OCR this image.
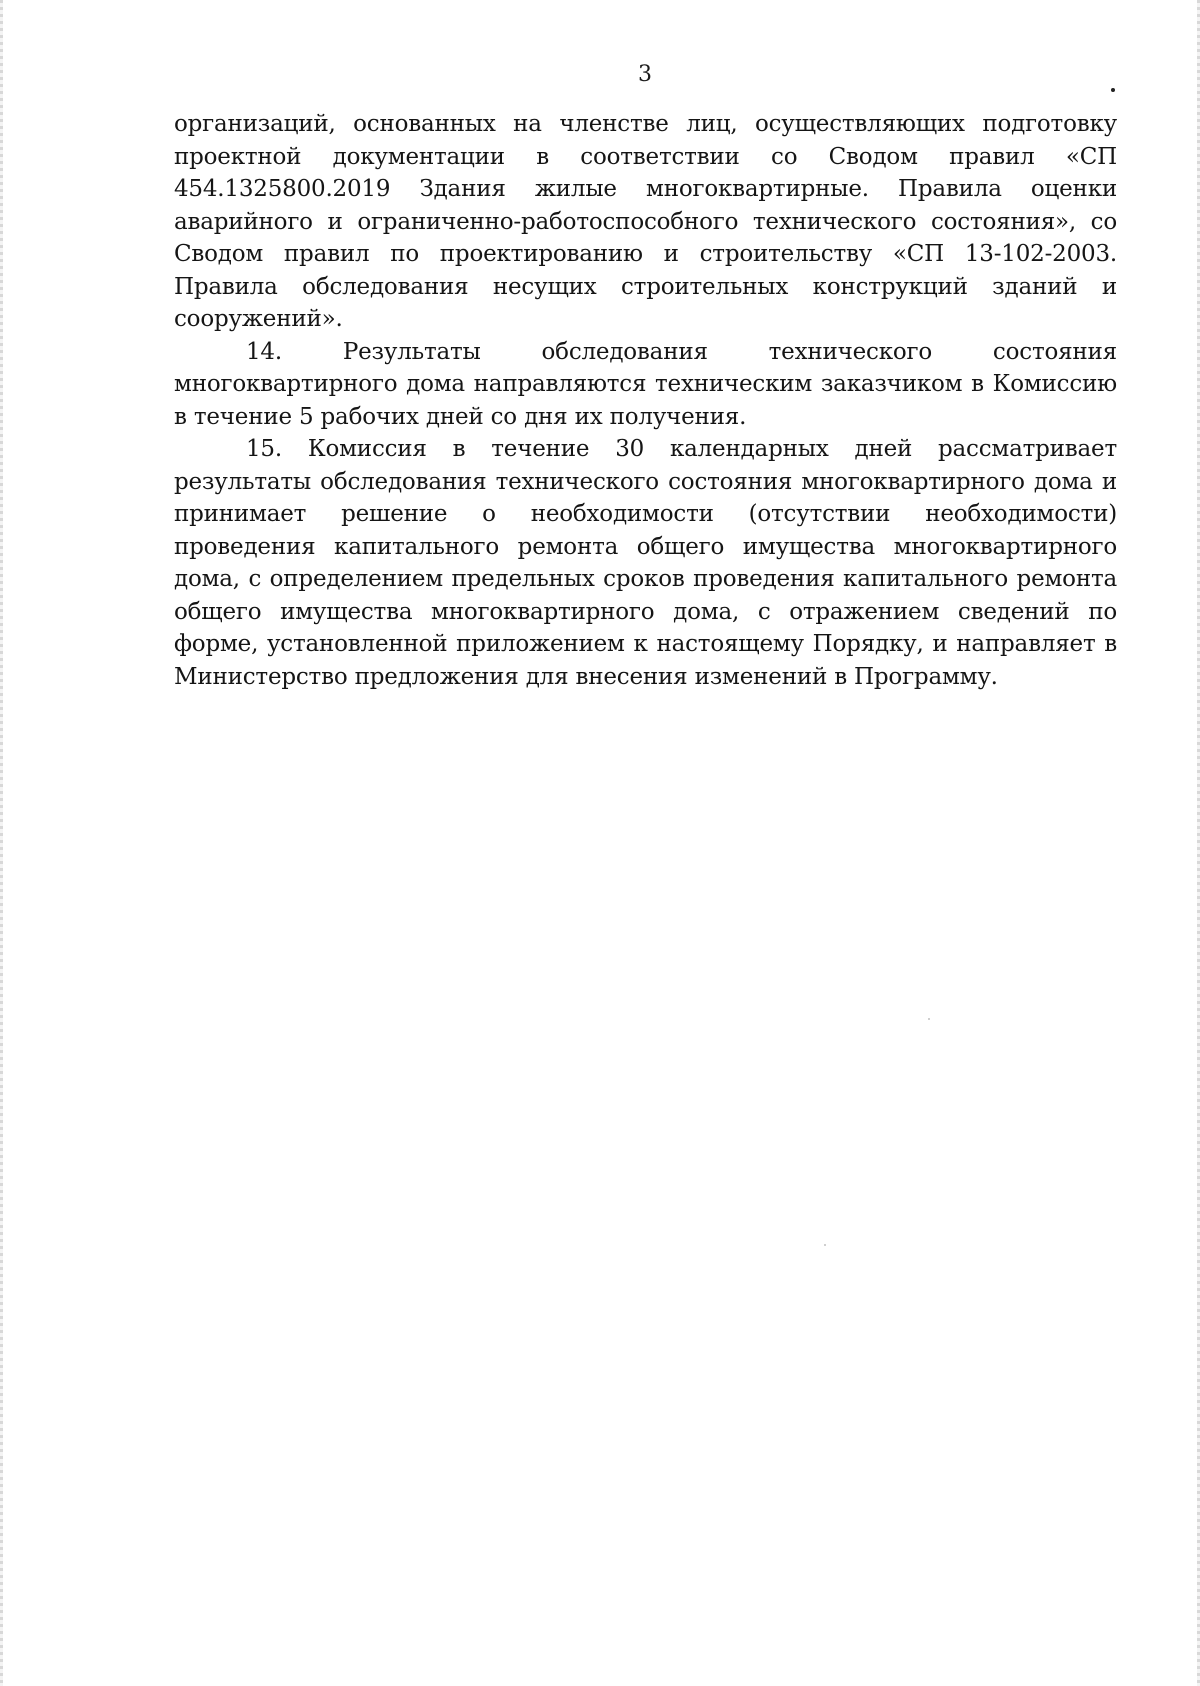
3

организаций, основанных на членстве лиц, осуществляющих подготовку проектной документации в соответствии со Сводом правил «СП 454.1325800.2019 Здания жилые многоквартирные. Правила оценки аварийного и ограниченно-работоспособного технического состояния», со Сводом правил по проектированию и строительству «СП 13-102-2003. Правила обследования несущих строительных конструкций зданий и сооружений».

14. Результаты обследования технического состояния многоквартирного дома направляются техническим заказчиком в Комиссию в течение 5 рабочих дней со дня их получения.

15. Комиссия в течение 30 календарных дней рассматривает результаты обследования технического состояния многоквартирного дома и принимает решение о необходимости (отсутствии необходимости) проведения капитального ремонта общего имущества многоквартирного дома, с определением предельных сроков проведения капитального ремонта общего имущества многоквартирного дома, с отражением сведений по форме, установленной приложением к настоящему Порядку, и направляет в Министерство предложения для внесения изменений в Программу.
